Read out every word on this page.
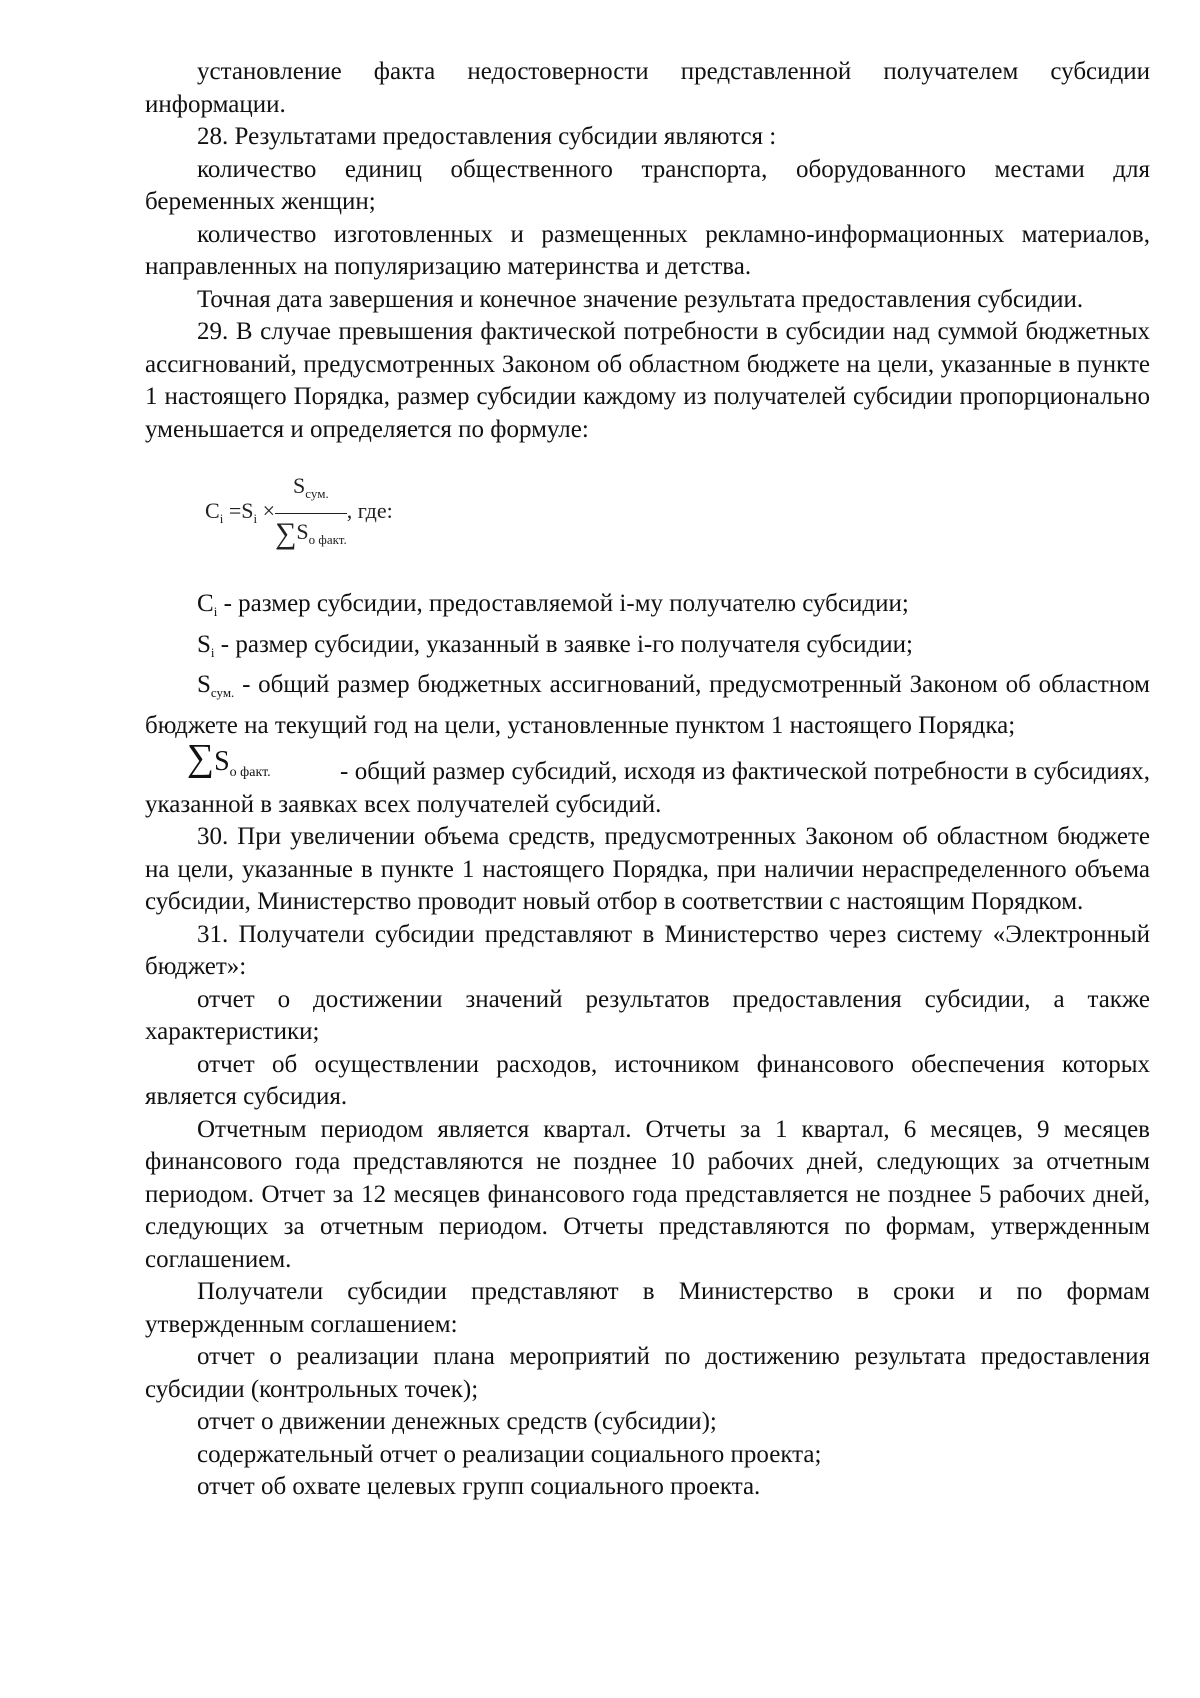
установление факта недостоверности представленной получателем субсидии информации.

28. Результатами предоставления субсидии являются :

количество единиц общественного транспорта, оборудованного местами для беременных женщин;

количество изготовленных и размещенных рекламно-информационных материалов, направленных на популяризацию материнства и детства.

Точная дата завершения и конечное значение результата предоставления субсидии.

29. В случае превышения фактической потребности в субсидии над суммой бюджетных ассигнований, предусмотренных Законом об областном бюджете на цели, указанные в пункте 1 настоящего Порядка, размер субсидии каждому из получателей субсидии пропорционально уменьшается и определяется по формуле:

$C_i =S_i \times \frac{S_{сум.}}{\sum S_{о факт.}}$ , где:

$C_i$ - размер субсидии, предоставляемой i-му получателю субсидии;

$S_i$ - размер субсидии, указанный в заявке i-го получателя субсидии;

$S_{сум.}$ - общий размер бюджетных ассигнований, предусмотренный Законом об областном бюджете на текущий год на цели, установленные пунктом 1 настоящего Порядка;

$\sum S_{о факт.}$	- общий размер субсидий, исходя из фактической потребности в субсидиях, указанной в заявках всех получателей субсидий.

30. При увеличении объема средств, предусмотренных Законом об областном бюджете на цели, указанные в пункте 1 настоящего Порядка, при наличии нераспределенного объема субсидии, Министерство проводит новый отбор в соответствии с настоящим Порядком.

31. Получатели субсидии представляют в Министерство через систему «Электронный бюджет»:

отчет о достижении значений результатов предоставления субсидии, а также характеристики;

отчет об осуществлении расходов, источником финансового обеспечения которых является субсидия.

Отчетным периодом является квартал. Отчеты за 1 квартал, 6 месяцев, 9 месяцев финансового года представляются не позднее 10 рабочих дней, следующих за отчетным периодом. Отчет за 12 месяцев финансового года представляется не позднее 5 рабочих дней, следующих за отчетным периодом. Отчеты представляются по формам, утвержденным соглашением.

Получатели субсидии представляют в Министерство в сроки и по формам утвержденным соглашением:

отчет о реализации плана мероприятий по достижению результата предоставления субсидии (контрольных точек);

отчет о движении денежных средств (субсидии);

содержательный отчет о реализации социального проекта;

отчет об охвате целевых групп социального проекта.
